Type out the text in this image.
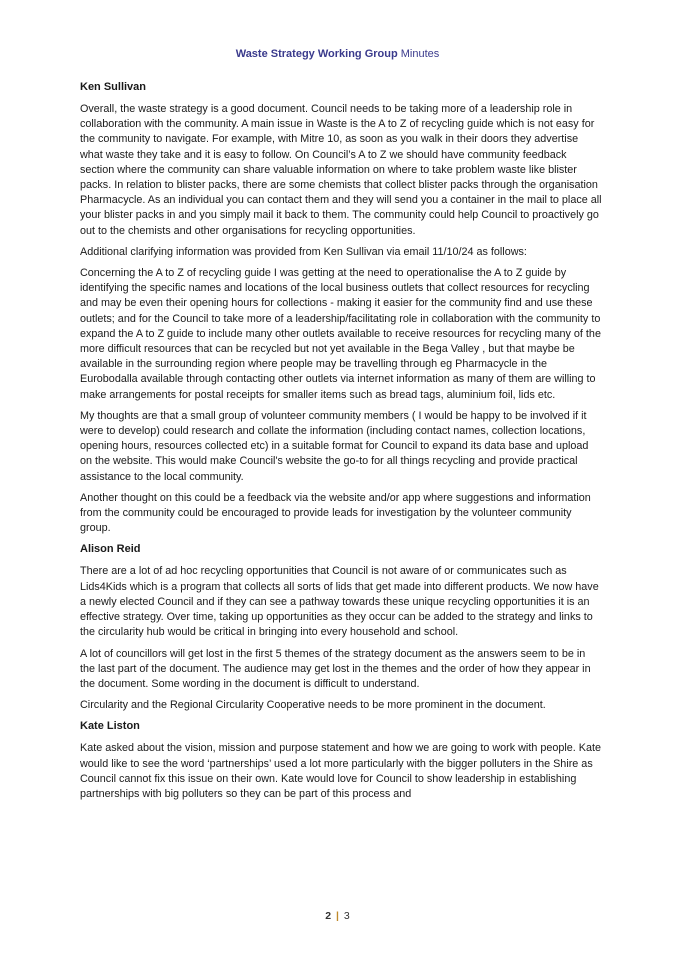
Waste Strategy Working Group Minutes
Ken Sullivan

Overall, the waste strategy is a good document. Council needs to be taking more of a leadership role in collaboration with the community. A main issue in Waste is the A to Z of recycling guide which is not easy for the community to navigate. For example, with Mitre 10, as soon as you walk in their doors they advertise what waste they take and it is easy to follow. On Council’s A to Z we should have community feedback section where the community can share valuable information on where to take problem waste like blister packs. In relation to blister packs, there are some chemists that collect blister packs through the organisation Pharmacycle. As an individual you can contact them and they will send you a container in the mail to place all your blister packs in and you simply mail it back to them. The community could help Council to proactively go out to the chemists and other organisations for recycling opportunities.

Additional clarifying information was provided from Ken Sullivan via email 11/10/24 as follows:

Concerning the A to Z of recycling guide I was getting at the need to operationalise the A to Z guide by identifying the specific names and locations of the local business outlets that collect resources for recycling and may be even their opening hours for collections - making it easier for the community find and use these outlets; and for the Council to take more of a leadership/facilitating role in collaboration with the community to expand the A to Z guide to include many other outlets available to receive resources for recycling many of the more difficult resources that can be recycled but not yet available in the Bega Valley , but that maybe be available in the surrounding region where people may be travelling through eg Pharmacycle in the Eurobodalla available through contacting other outlets via internet information as many of them are willing to make arrangements for postal receipts for smaller items such as bread tags, aluminium foil, lids etc.

My thoughts are that a small group of volunteer community members ( I would be happy to be involved if it were to develop) could research and collate the information (including contact names, collection locations, opening hours, resources collected etc) in a suitable format for Council to expand its data base and upload on the website. This would make Council's website the go-to for all things recycling and provide practical assistance to the local community.

Another thought on this could be a feedback via the website and/or app where suggestions and information from the community could be encouraged to provide leads for investigation by the volunteer community group.

Alison Reid

There are a lot of ad hoc recycling opportunities that Council is not aware of or communicates such as Lids4Kids which is a program that collects all sorts of lids that get made into different products. We now have a newly elected Council and if they can see a pathway towards these unique recycling opportunities it is an effective strategy. Over time, taking up opportunities as they occur can be added to the strategy and links to the circularity hub would be critical in bringing into every household and school.

A lot of councillors will get lost in the first 5 themes of the strategy document as the answers seem to be in the last part of the document. The audience may get lost in the themes and the order of how they appear in the document. Some wording in the document is difficult to understand.

Circularity and the Regional Circularity Cooperative needs to be more prominent in the document.

Kate Liston

Kate asked about the vision, mission and purpose statement and how we are going to work with people. Kate would like to see the word ‘partnerships’ used a lot more particularly with the bigger polluters in the Shire as Council cannot fix this issue on their own. Kate would love for Council to show leadership in establishing partnerships with big polluters so they can be part of this process and

2 | 3
